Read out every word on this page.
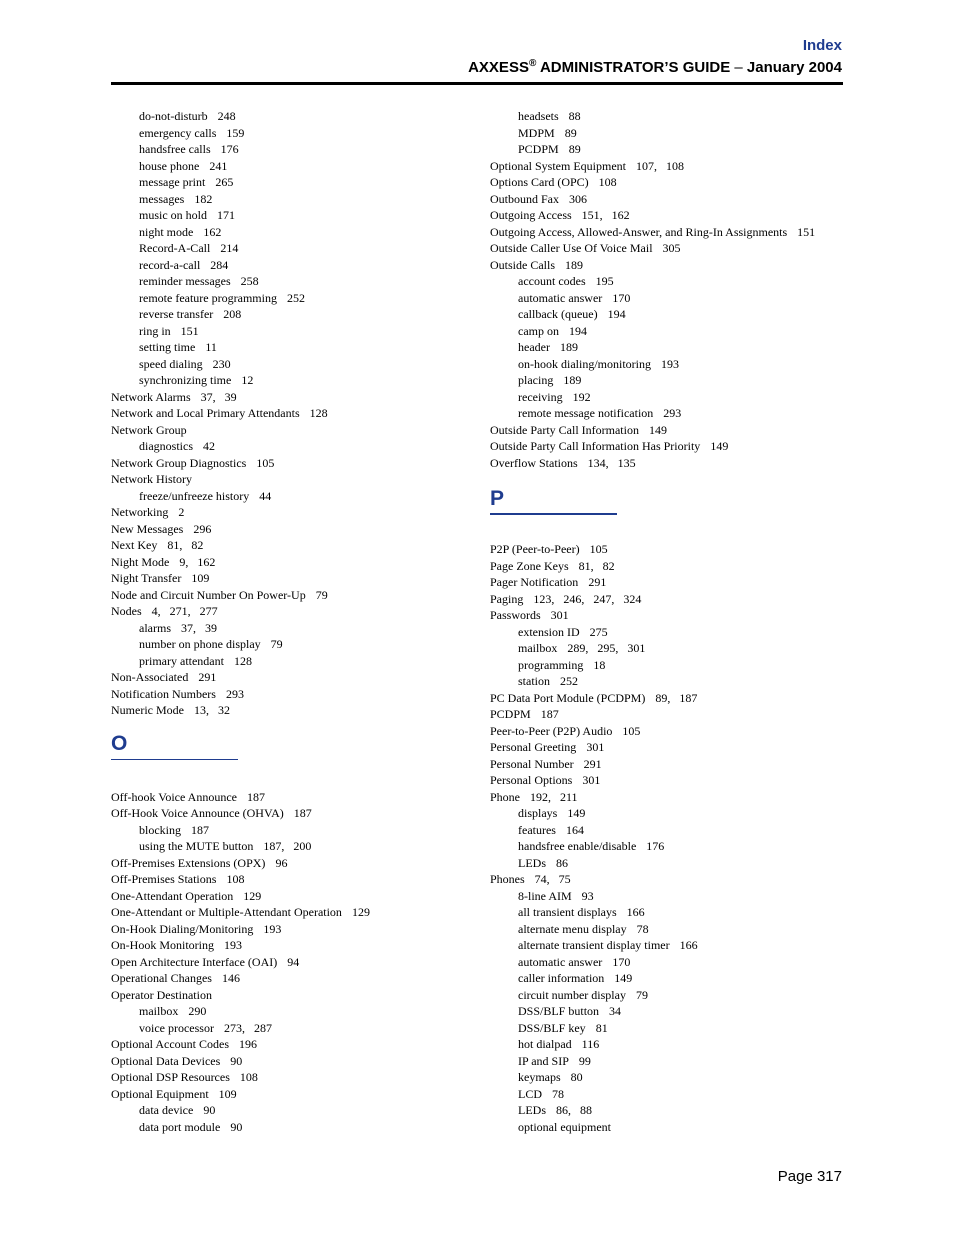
Index
AXXESS® ADMINISTRATOR’S GUIDE – January 2004
do-not-disturb 248
emergency calls 159
handsfree calls 176
house phone 241
message print 265
messages 182
music on hold 171
night mode 162
Record-A-Call 214
record-a-call 284
reminder messages 258
remote feature programming 252
reverse transfer 208
ring in 151
setting time 11
speed dialing 230
synchronizing time 12
Network Alarms 37,   39
Network and Local Primary Attendants 128
Network Group
diagnostics 42
Network Group Diagnostics 105
Network History
freeze/unfreeze history 44
Networking 2
New Messages 296
Next Key 81,   82
Night Mode 9,   162
Night Transfer 109
Node and Circuit Number On Power-Up 79
Nodes 4,   271,   277
alarms 37,   39
number on phone display 79
primary attendant 128
Non-Associated 291
Notification Numbers 293
Numeric Mode 13,   32
O
Off-hook Voice Announce 187
Off-Hook Voice Announce (OHVA) 187
blocking 187
using the MUTE button 187,   200
Off-Premises Extensions (OPX) 96
Off-Premises Stations 108
One-Attendant Operation 129
One-Attendant or Multiple-Attendant Operation 129
On-Hook Dialing/Monitoring 193
On-Hook Monitoring 193
Open Architecture Interface (OAI) 94
Operational Changes 146
Operator Destination
mailbox 290
voice processor 273,   287
Optional Account Codes 196
Optional Data Devices 90
Optional DSP Resources 108
Optional Equipment 109
data device 90
data port module 90
headsets 88
MDPM 89
PCDPM 89
Optional System Equipment 107,   108
Options Card (OPC) 108
Outbound Fax 306
Outgoing Access 151,   162
Outgoing Access, Allowed-Answer, and Ring-In Assignments 151
Outside Caller Use Of Voice Mail 305
Outside Calls 189
account codes 195
automatic answer 170
callback (queue) 194
camp on 194
header 189
on-hook dialing/monitoring 193
placing 189
receiving 192
remote message notification 293
Outside Party Call Information 149
Outside Party Call Information Has Priority 149
Overflow Stations 134,   135
P
P2P (Peer-to-Peer) 105
Page Zone Keys 81,   82
Pager Notification 291
Paging 123,   246,   247,   324
Passwords 301
extension ID 275
mailbox 289,   295,   301
programming 18
station 252
PC Data Port Module (PCDPM) 89,   187
PCDPM 187
Peer-to-Peer (P2P) Audio 105
Personal Greeting 301
Personal Number 291
Personal Options 301
Phone 192,   211
displays 149
features 164
handsfree enable/disable 176
LEDs 86
Phones 74,   75
8-line AIM 93
all transient displays 166
alternate menu display 78
alternate transient display timer 166
automatic answer 170
caller information 149
circuit number display 79
DSS/BLF button 34
DSS/BLF key 81
hot dialpad 116
IP and SIP 99
keymaps 80
LCD 78
LEDs 86,   88
optional equipment
Page 317
